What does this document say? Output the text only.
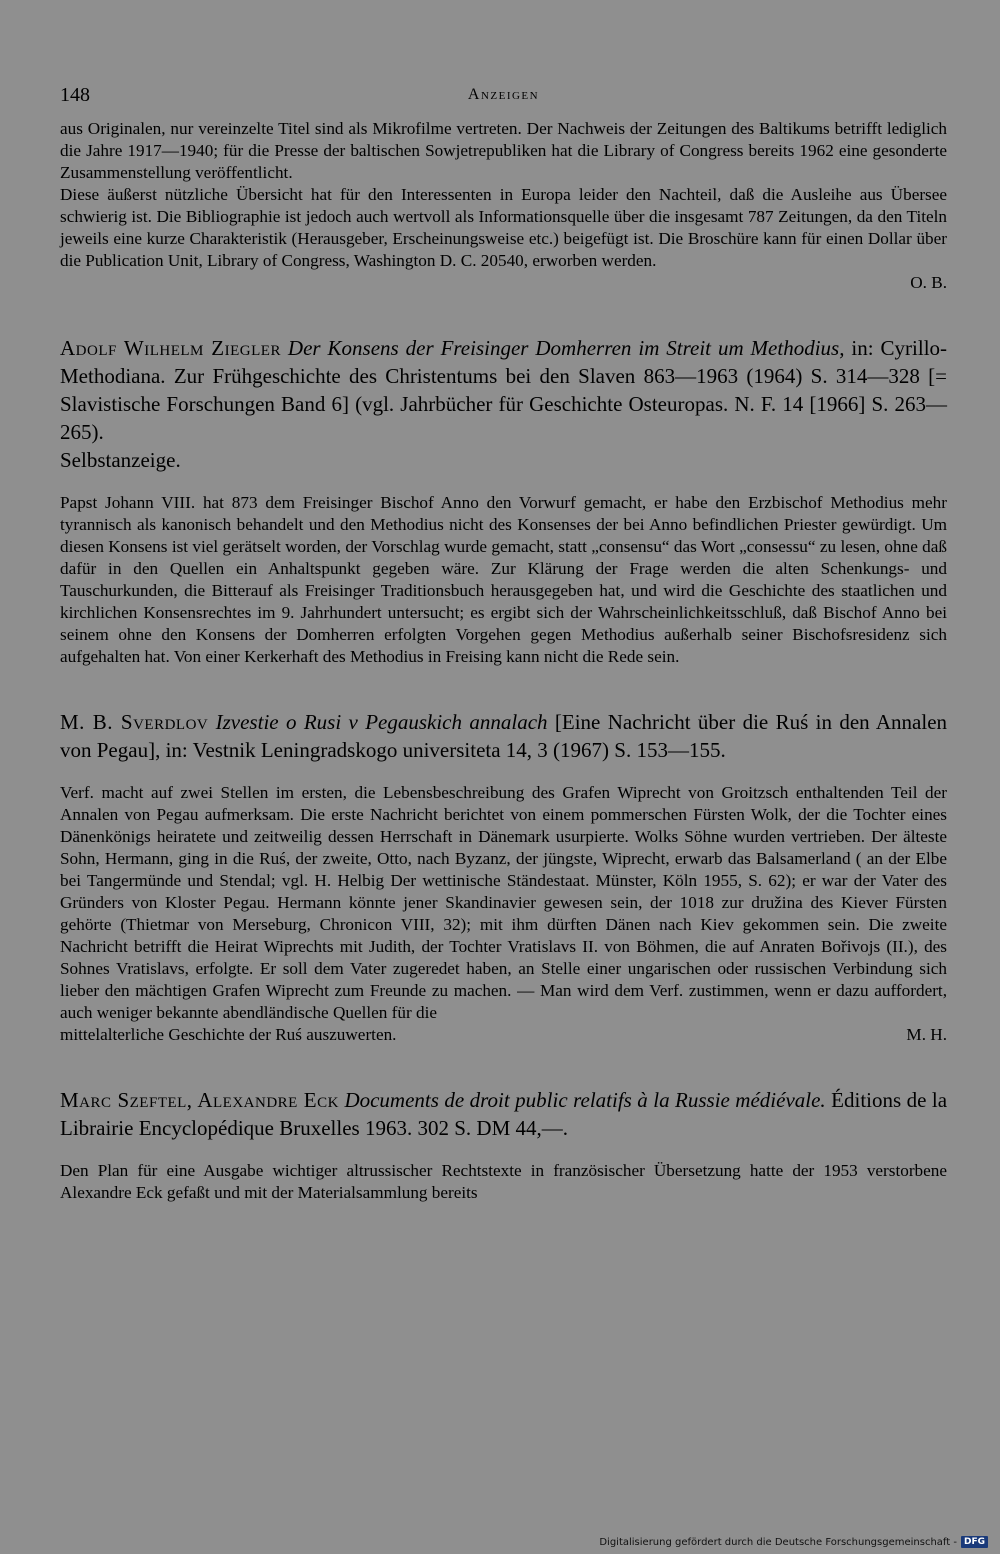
148	Anzeigen

aus Originalen, nur vereinzelte Titel sind als Mikrofilme vertreten. Der Nachweis der Zeitungen des Baltikums betrifft lediglich die Jahre 1917—1940; für die Presse der baltischen Sowjetrepubliken hat die Library of Congress bereits 1962 eine gesonderte Zusammenstellung veröffentlicht.

Diese äußerst nützliche Übersicht hat für den Interessenten in Europa leider den Nachteil, daß die Ausleihe aus Übersee schwierig ist. Die Bibliographie ist jedoch auch wertvoll als Informationsquelle über die insgesamt 787 Zeitungen, da den Titeln jeweils eine kurze Charakteristik (Herausgeber, Erscheinungsweise etc.) beigefügt ist. Die Broschüre kann für einen Dollar über die Publication Unit, Library of Congress, Washington D. C. 20540, erworben werden.

O. B.

Adolf Wilhelm Ziegler Der Konsens der Freisinger Domherren im Streit um Methodius, in: Cyrillo-Methodiana. Zur Frühgeschichte des Christentums bei den Slaven 863—1963 (1964) S. 314—328 [= Slavistische Forschungen Band 6] (vgl. Jahrbücher für Geschichte Osteuropas. N. F. 14 [1966] S. 263—265).

Selbstanzeige.

Papst Johann VIII. hat 873 dem Freisinger Bischof Anno den Vorwurf gemacht, er habe den Erzbischof Methodius mehr tyrannisch als kanonisch behandelt und den Methodius nicht des Konsenses der bei Anno befindlichen Priester gewürdigt. Um diesen Konsens ist viel gerätselt worden, der Vorschlag wurde gemacht, statt „consensu“ das Wort „consessu“ zu lesen, ohne daß dafür in den Quellen ein Anhaltspunkt gegeben wäre. Zur Klärung der Frage werden die alten Schenkungs- und Tauschurkunden, die Bitterauf als Freisinger Traditionsbuch herausgegeben hat, und wird die Geschichte des staatlichen und kirchlichen Konsensrechtes im 9. Jahrhundert untersucht; es ergibt sich der Wahrscheinlichkeitsschluß, daß Bischof Anno bei seinem ohne den Konsens der Domherren erfolgten Vorgehen gegen Methodius außerhalb seiner Bischofsresidenz sich aufgehalten hat. Von einer Kerkerhaft des Methodius in Freising kann nicht die Rede sein.

M. B. Sverdlov Izvestie o Rusi v Pegauskich annalach [Eine Nachricht über die Ruś in den Annalen von Pegau], in: Vestnik Leningradskogo universiteta 14, 3 (1967) S. 153—155.

Verf. macht auf zwei Stellen im ersten, die Lebensbeschreibung des Grafen Wiprecht von Groitzsch enthaltenden Teil der Annalen von Pegau aufmerksam. Die erste Nachricht berichtet von einem pommerschen Fürsten Wolk, der die Tochter eines Dänenkönigs heiratete und zeitweilig dessen Herrschaft in Dänemark usurpierte. Wolks Söhne wurden vertrieben. Der älteste Sohn, Hermann, ging in die Ruś, der zweite, Otto, nach Byzanz, der jüngste, Wiprecht, erwarb das Balsamerland ( an der Elbe bei Tangermünde und Stendal; vgl. H. Helbig Der wettinische Ständestaat. Münster, Köln 1955, S. 62); er war der Vater des Gründers von Kloster Pegau. Hermann könnte jener Skandinavier gewesen sein, der 1018 zur družina des Kiever Fürsten gehörte (Thietmar von Merseburg, Chronicon VIII, 32); mit ihm dürften Dänen nach Kiev gekommen sein. Die zweite Nachricht betrifft die Heirat Wiprechts mit Judith, der Tochter Vratislavs II. von Böhmen, die auf Anraten Bořivojs (II.), des Sohnes Vratislavs, erfolgte. Er soll dem Vater zugeredet haben, an Stelle einer ungarischen oder russischen Verbindung sich lieber den mächtigen Grafen Wiprecht zum Freunde zu machen. — Man wird dem Verf. zustimmen, wenn er dazu auffordert, auch weniger bekannte abendländische Quellen für die

mittelalterliche Geschichte der Ruś auszuwerten.	M. H.

Marc Szeftel, Alexandre Eck Documents de droit public relatifs à la Russie médiévale. Éditions de la Librairie Encyclopédique Bruxelles 1963. 302 S. DM 44,—.

Den Plan für eine Ausgabe wichtiger altrussischer Rechtstexte in französischer Übersetzung hatte der 1953 verstorbene Alexandre Eck gefaßt und mit der Materialsammlung bereits

Digitalisierung gefördert durch die Deutsche Forschungsgemeinschaft - DFG
